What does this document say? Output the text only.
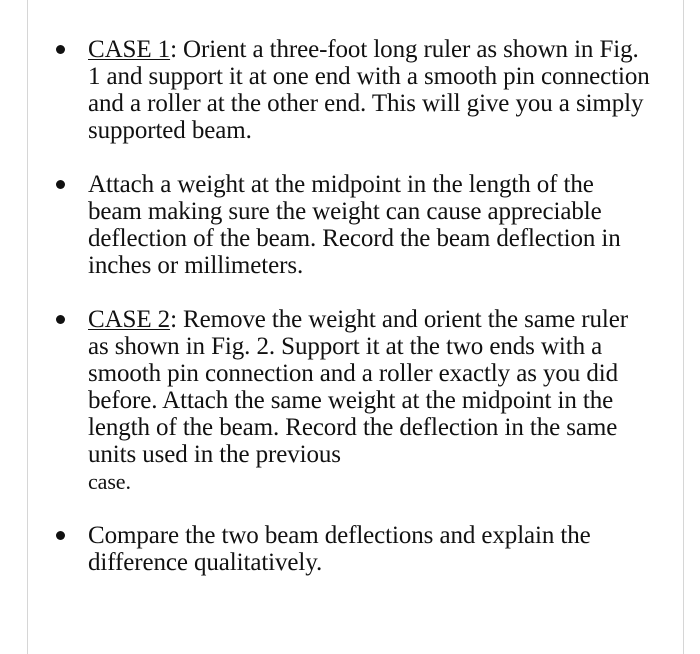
CASE 1: Orient a three-foot long ruler as shown in Fig. 1 and support it at one end with a smooth pin connection and a roller at the other end. This will give you a simply supported beam.
Attach a weight at the midpoint in the length of the beam making sure the weight can cause appreciable deflection of the beam. Record the beam deflection in inches or millimeters.
CASE 2: Remove the weight and orient the same ruler as shown in Fig. 2. Support it at the two ends with a smooth pin connection and a roller exactly as you did before. Attach the same weight at the midpoint in the length of the beam. Record the deflection in the same units used in the previous
case.
Compare the two beam deflections and explain the difference qualitatively.
